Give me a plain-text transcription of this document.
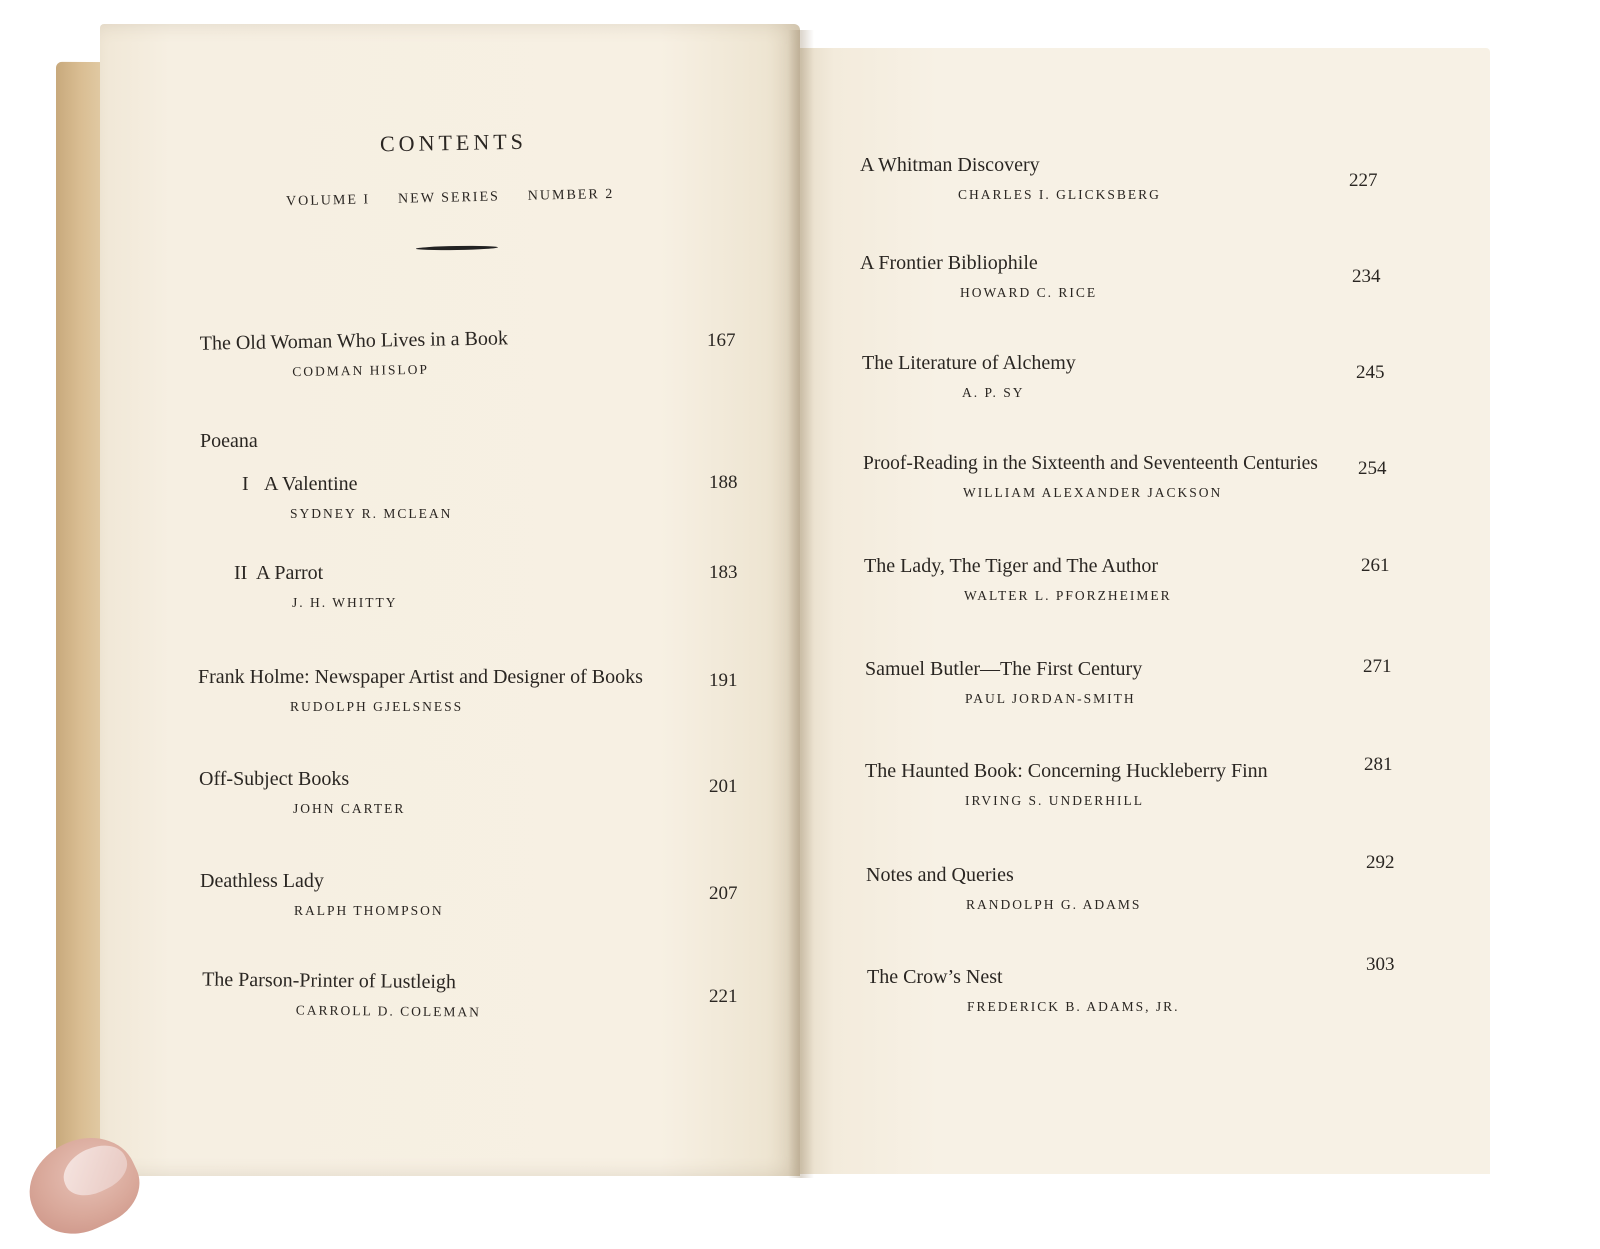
CONTENTS
VOLUME I NEW SERIES NUMBER 2
The Old Woman Who Lives in a Book
CODMAN HISLOP
167
Poeana
I A Valentine
SYDNEY R. MCLEAN
188
II A Parrot
J. H. WHITTY
183
Frank Holme: Newspaper Artist and Designer of Books
RUDOLPH GJELSNESS
191
Off-Subject Books
JOHN CARTER
201
Deathless Lady
RALPH THOMPSON
207
The Parson-Printer of Lustleigh
CARROLL D. COLEMAN
221
A Whitman Discovery
CHARLES I. GLICKSBERG
227
A Frontier Bibliophile
HOWARD C. RICE
234
The Literature of Alchemy
A. P. SY
245
Proof-Reading in the Sixteenth and Seventeenth Centuries
WILLIAM ALEXANDER JACKSON
254
The Lady, The Tiger and The Author
WALTER L. PFORZHEIMER
261
Samuel Butler—The First Century
PAUL JORDAN-SMITH
271
The Haunted Book: Concerning Huckleberry Finn
IRVING S. UNDERHILL
281
Notes and Queries
RANDOLPH G. ADAMS
292
The Crow’s Nest
FREDERICK B. ADAMS, JR.
303
